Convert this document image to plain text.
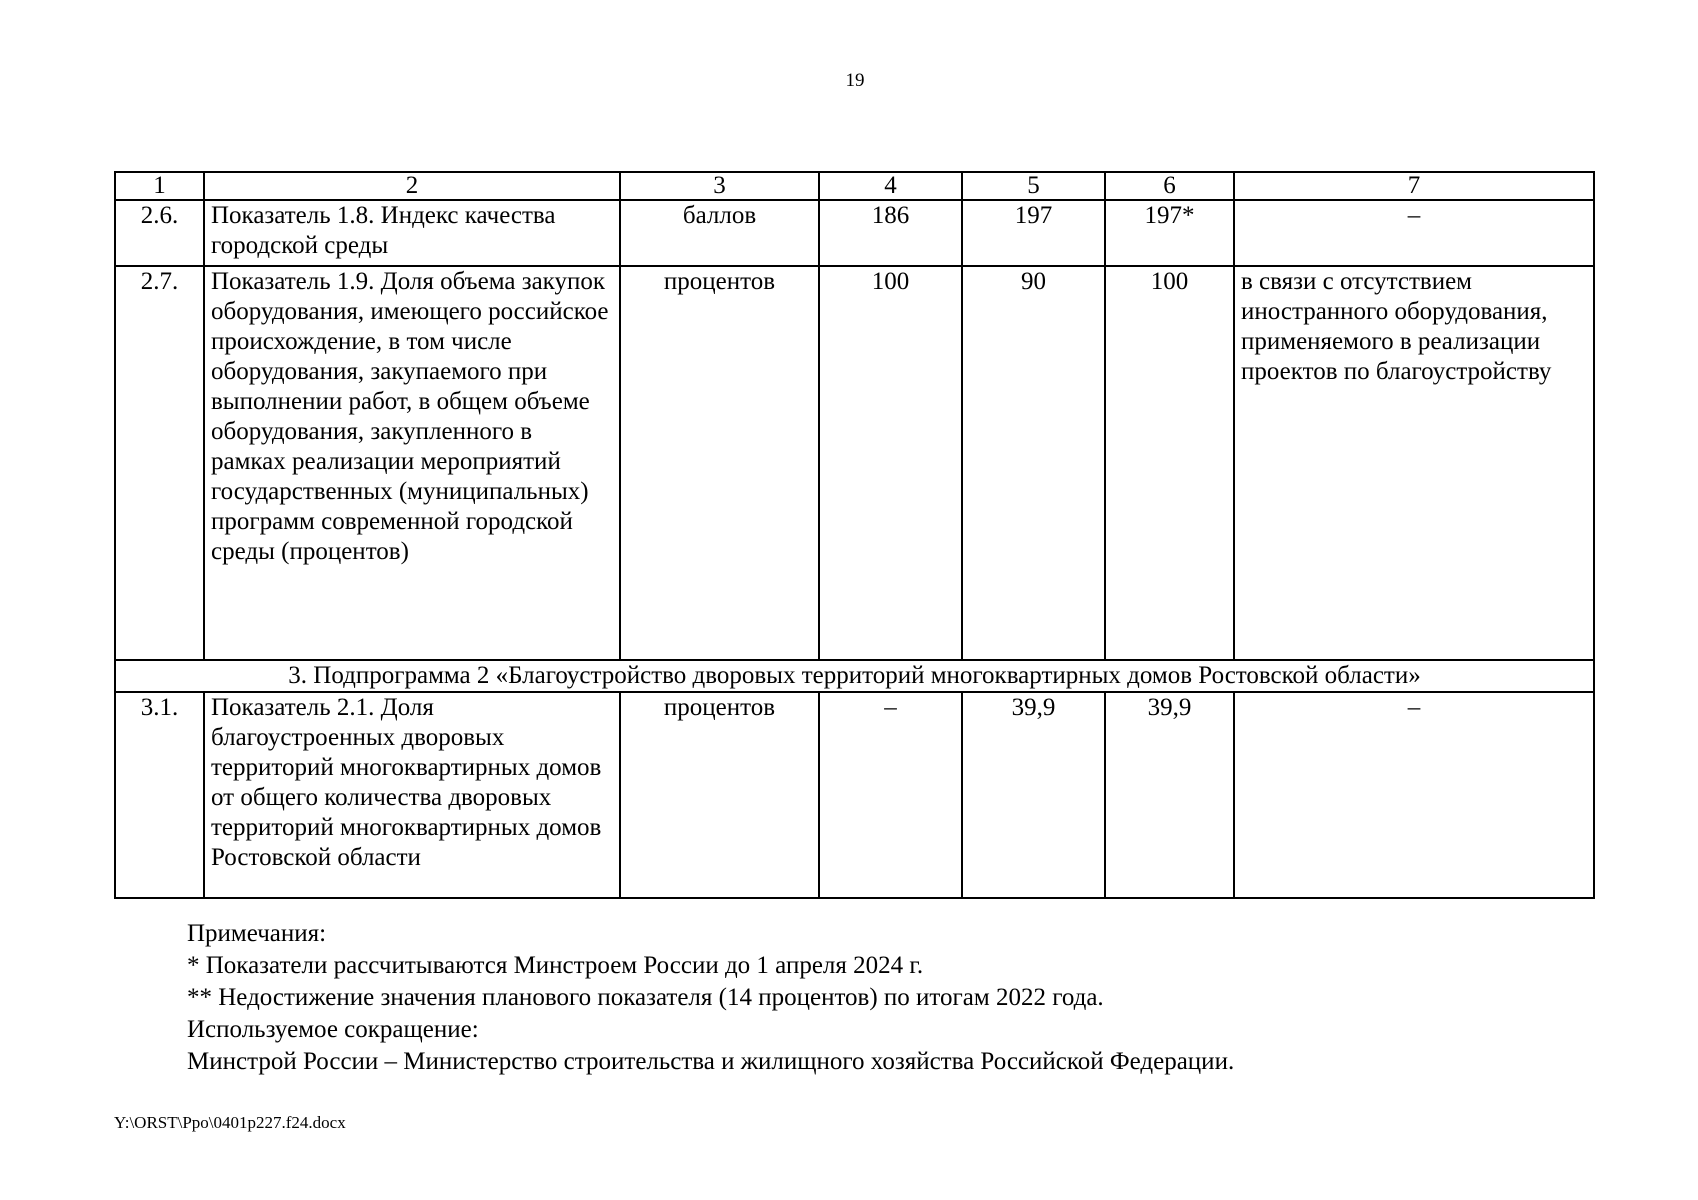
19
1	2	3	4	5	6	7
2.6.	Показатель 1.8. Индекс качества городской среды	баллов	186	197	197*	–
2.7.	Показатель 1.9. Доля объема закупок оборудования, имеющего российское происхождение, в том числе оборудования, закупаемого при выполнении работ, в общем объеме оборудования, закупленного в рамках реализации мероприятий государственных (муниципальных) программ современной городской среды (процентов)	процентов	100	90	100	в связи с отсутствием иностранного оборудования, применяемого в реализации проектов по благоустройству
3. Подпрограмма 2 «Благоустройство дворовых территорий многоквартирных домов Ростовской области»						
3.1.	Показатель 2.1. Доля благоустроенных дворовых территорий многоквартирных домов от общего количества дворовых территорий многоквартирных домов Ростовской области	процентов	–	39,9	39,9	–
Примечания:
* Показатели рассчитываются Минстроем России до 1 апреля 2024 г.
** Недостижение значения планового показателя (14 процентов) по итогам 2022 года.
Используемое сокращение:
Минстрой России – Министерство строительства и жилищного хозяйства Российской Федерации.
Y:\ORST\Ppo\0401p227.f24.docx
